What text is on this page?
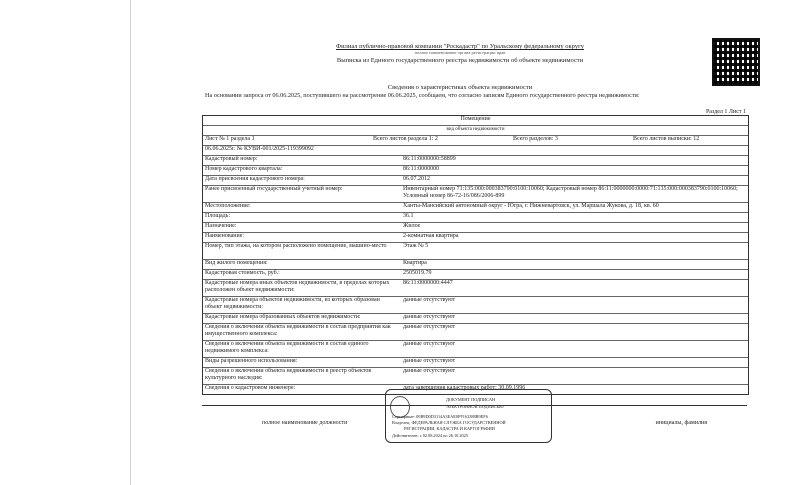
Филиал публично-правовой компании "Роскадастр" по Уральскому федеральному округу
полное наименование органа регистрации прав
Выписка из Единого государственного реестра недвижимости об объекте недвижимости
Сведения о характеристиках объекта недвижимости
На основании запроса от 06.06.2025, поступившего на рассмотрение 06.06.2025, сообщаем, что согласно записям Единого государственного реестра недвижимости:
Раздел 1 Лист 1
Помещение
вид объекта недвижимости
Лист № 1 раздела 1	Всего листов раздела 1: 2	Всего разделов: 3	Всего листов выписки: 12
06.06.2025г. № КУВИ-001/2025-119399092
Кадастровый номер:	86:11:0000000:58899
Номер кадастрового квартала:	86:11:0000000
Дата присвоения кадастрового номера:	06.07.2012
Ранее присвоенный государственный учетный номер:	Инвентарный номер 71:135:000:000383790:0100:10060; Кадастровый номер 86:11:0000000:0000:71:135:000:000383790:0100:10060; Условный номер 86-72-16/086/2006-899
Местоположение:	Ханты-Мансийский автономный округ - Югра, г. Нижневартовск, ул. Маршала Жукова, д. 18, кв. 60
Площадь:	36.1
Назначение:	Жилое
Наименование:	2-комнатная квартира
Номер, тип этажа, на котором расположено помещение, машино-место	Этаж № 5
Вид жилого помещения:	Квартира
Кадастровая стоимость, руб.:	2505019.79
Кадастровые номера иных объектов недвижимости, в пределах которых расположен объект недвижимости:
86:11:0000000:4447
Кадастровые номера объектов недвижимости, из которых образован объект недвижимости:
данные отсутствуют
Кадастровые номера образованных объектов недвижимости:	данные отсутствуют
Сведения о включении объекта недвижимости в состав предприятия как имущественного комплекса:
данные отсутствуют
Сведения о включении объекта недвижимости в состав единого недвижимого комплекса:
данные отсутствуют
Виды разрешенного использования:	данные отсутствуют
Сведения о включении объекта недвижимости в реестр объектов культурного наследия:
данные отсутствуют
Сведения о кадастровом инженере:	дата завершения кадастровых работ: 30.09.1996
ДОКУМЕНТ ПОДПИСАН
ЭЛЕКТРОННОЙ ПОДПИСЬЮ
Сертификат: 00B9D0D3114A3EAE0FF163388B9EF6
Владелец: ФЕДЕРАЛЬНАЯ СЛУЖБА ГОСУДАРСТВЕННОЙ
РЕГИСТРАЦИИ, КАДАСТРА И КАРТОГРАФИИ
Действителен: с 02.08.2024 по 26.10.2025
полное наименование должности	инициалы, фамилия
